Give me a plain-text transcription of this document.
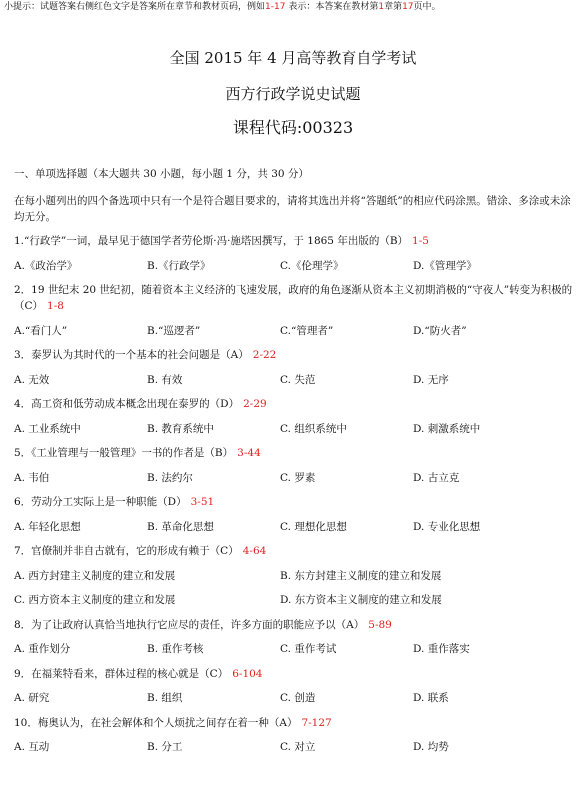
小提示：试题答案右侧红色文字是答案所在章节和教材页码，例如1-17 表示：本答案在教材第1章第17页中。
全国 2015 年 4 月高等教育自学考试
西方行政学说史试题
课程代码:00323

一、单项选择题（本大题共 30 小题，每小题 1 分，共 30 分）

在每小题列出的四个备选项中只有一个是符合题目要求的，请将其选出并将“答题纸”的相应代码涂黑。错涂、多涂或未涂均无分。

1.“行政学”一词，最早见于德国学者劳伦斯·冯·施塔因撰写，于 1865 年出版的（B） 1-5
A.《政治学》	B.《行政学》	C.《伦理学》	D.《管理学》
2．19 世纪末 20 世纪初，随着资本主义经济的飞速发展，政府的角色逐渐从资本主义初期消极的“守夜人”转变为积极的（C） 1-8
A.“看门人”	B.“巡逻者”	C.“管理者”	D.“防火者”
3．泰罗认为其时代的一个基本的社会问题是（A） 2-22
A. 无效	B. 有效	C. 失范	D. 无序
4．高工资和低劳动成本概念出现在泰罗的（D） 2-29
A. 工业系统中	B. 教育系统中	C. 组织系统中	D. 刺激系统中
5．《工业管理与一般管理》一书的作者是（B） 3-44
A. 韦伯	B. 法约尔	C. 罗素	D. 古立克
6．劳动分工实际上是一种职能（D） 3-51
A. 年轻化思想	B. 革命化思想	C. 理想化思想	D. 专业化思想
7．官僚制并非自古就有，它的形成有赖于（C） 4-64
A. 西方封建主义制度的建立和发展	B. 东方封建主义制度的建立和发展
C. 西方资本主义制度的建立和发展	D. 东方资本主义制度的建立和发展
8．为了让政府认真恰当地执行它应尽的责任，许多方面的职能应予以（A） 5-89
A. 重作划分	B. 重作考核	C. 重作考试	D. 重作落实
9．在福莱特看来，群体过程的核心就是（C） 6-104
A. 研究	B. 组织	C. 创造	D. 联系
10．梅奥认为，在社会解体和个人烦扰之间存在着一种（A） 7-127
A. 互动	B. 分工	C. 对立	D. 均势
